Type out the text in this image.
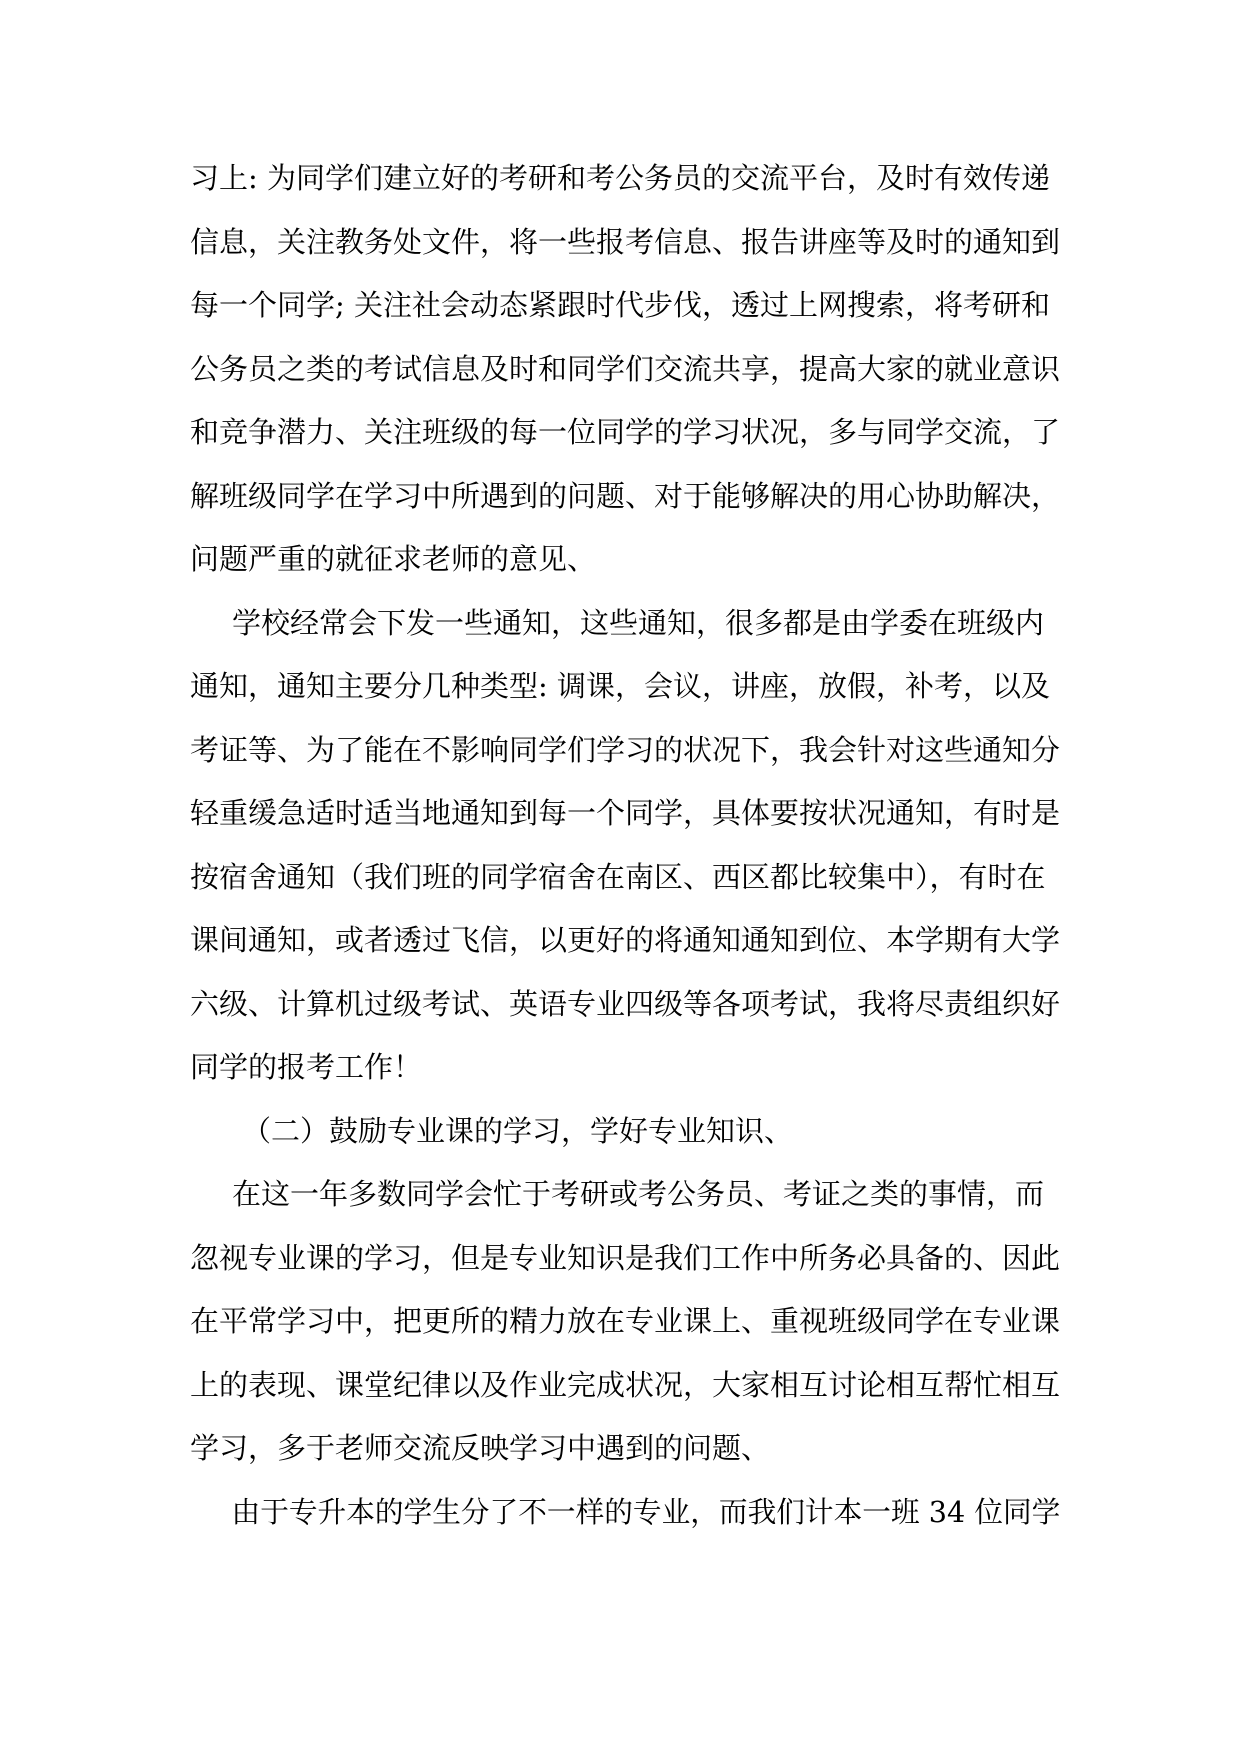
习上: 为同学们建立好的考研和考公务员的交流平台，及时有效传递
信息，关注教务处文件，将一些报考信息、报告讲座等及时的通知到
每一个同学; 关注社会动态紧跟时代步伐，透过上网搜索，将考研和
公务员之类的考试信息及时和同学们交流共享，提高大家的就业意识
和竞争潜力、关注班级的每一位同学的学习状况，多与同学交流，了
解班级同学在学习中所遇到的问题、对于能够解决的用心协助解决，
问题严重的就征求老师的意见、
学校经常会下发一些通知，这些通知，很多都是由学委在班级内
通知，通知主要分几种类型: 调课，会议，讲座，放假，补考，以及
考证等、为了能在不影响同学们学习的状况下，我会针对这些通知分
轻重缓急适时适当地通知到每一个同学，具体要按状况通知，有时是
按宿舍通知（我们班的同学宿舍在南区、西区都比较集中），有时在
课间通知，或者透过飞信，以更好的将通知通知到位、本学期有大学
六级、计算机过级考试、英语专业四级等各项考试，我将尽责组织好
同学的报考工作！
（二）鼓励专业课的学习，学好专业知识、
在这一年多数同学会忙于考研或考公务员、考证之类的事情，而
忽视专业课的学习，但是专业知识是我们工作中所务必具备的、因此
在平常学习中，把更所的精力放在专业课上、重视班级同学在专业课
上的表现、课堂纪律以及作业完成状况，大家相互讨论相互帮忙相互
学习，多于老师交流反映学习中遇到的问题、
由于专升本的学生分了不一样的专业，而我们计本一班 34 位同学
